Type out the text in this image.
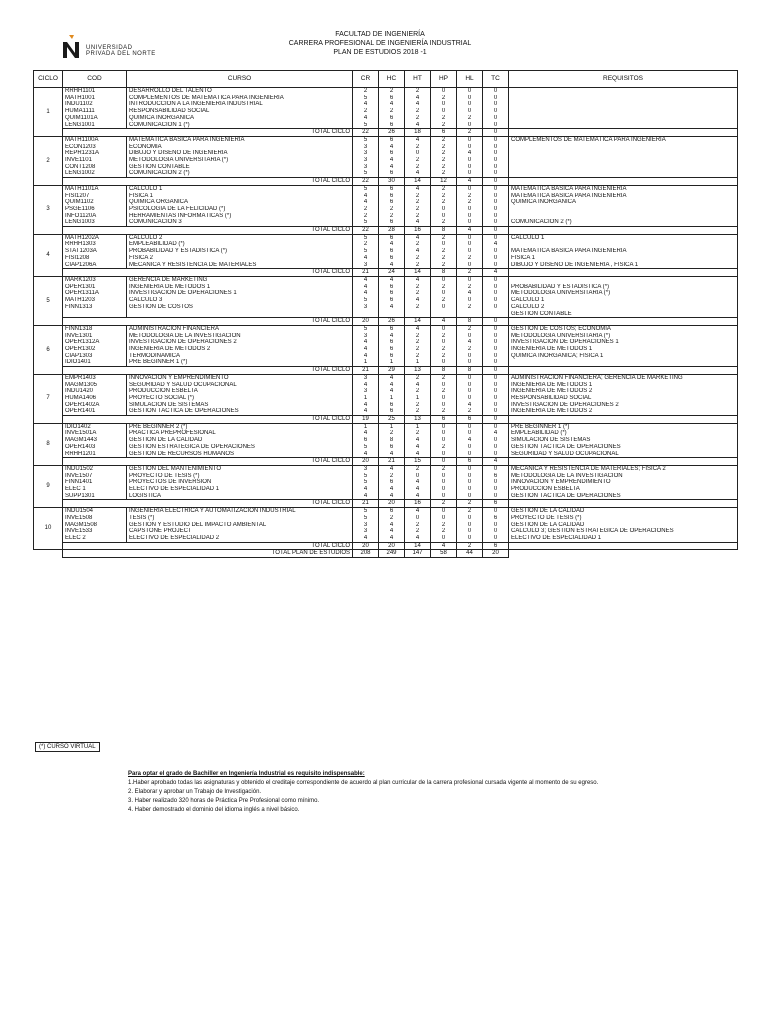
UNIVERSIDAD
PRIVADA DEL NORTE
FACULTAD DE INGENIERÍA
CARRERA PROFESIONAL DE INGENIERÍA INDUSTRIAL
PLAN DE ESTUDIOS 2018 -1
CICLO	COD	CURSO	CR	HC	HT	HP	HL	TC	REQUISITOS
1	RRHH1101	DESARROLLO DEL TALENTO	2	2	2	0	0	0	
	MATH1001	COMPLEMENTOS DE MATEMÁTICA PARA INGENIERÍA	5	6	4	2	0	0	
	INDU1102	INTRODUCCIÓN A LA INGENIERÍA INDUSTRIAL	4	4	4	0	0	0	
	HUMA1111	RESPONSABILIDAD SOCIAL	2	2	2	0	0	0	
	QUIM1101A	QUÍMICA INORGÁNICA	4	6	2	2	2	0	
	LENG1001	COMUNICACIÓN 1 (*)	5	6	4	2	0	0	
		TOTAL CICLO	22	26	18	6	2	0	
2	MATH1100A	MATEMÁTICA BÁSICA PARA INGENIERÍA	5	6	4	2	0	0	COMPLEMENTOS DE MATEMÁTICA PARA INGENIERÍA
	ECON1203	ECONOMÍA	3	4	2	2	0	0	
	REPR1231A	DIBUJO Y DISEÑO DE INGENIERÍA	3	6	0	2	4	0	
	INVE1101	METODOLOGÍA UNIVERSITARIA (*)	3	4	2	2	0	0	
	CONT1208	GESTIÓN CONTABLE	3	4	2	2	0	0	
	LENG1002	COMUNICACIÓN 2 (*)	5	6	4	2	0	0	
		TOTAL CICLO	22	30	14	12	4	0	
3	MATH1101A	CÁLCULO 1	5	6	4	2	0	0	MATEMÁTICA BÁSICA PARA INGENIERÍA
	FISI1207	FÍSICA 1	4	6	2	2	2	0	MATEMÁTICA BÁSICA PARA INGENIERÍA
	QUIM1102	QUÍMICA ORGÁNICA	4	6	2	2	2	0	QUÍMICA INORGÁNICA
	PSGE1106	PSICOLOGÍA DE LA FELICIDAD (*)	2	2	2	0	0	0	
	INFO1120A	HERRAMIENTAS INFORMÁTICAS (*)	2	2	2	0	0	0	
	LENG1003	COMUNICACIÓN 3	5	6	4	2	0	0	COMUNICACIÓN 2 (*)
		TOTAL CICLO	22	28	16	8	4	0	
4	MATH1202A	CÁLCULO 2	5	6	4	2	0	0	CÁLCULO 1
	RRHH1303	EMPLEABILIDAD (*)	2	4	2	0	0	4	
	STAT1203A	PROBABILIDAD Y ESTADÍSTICA (*)	5	6	4	2	0	0	MATEMÁTICA BÁSICA PARA INGENIERÍA
	FISI1208	FÍSICA 2	4	6	2	2	2	0	FÍSICA 1
	CIAP1206A	MECÁNICA Y RESISTENCIA DE MATERIALES	3	4	2	2	0	0	DIBUJO Y DISEÑO DE INGENIERÍA , FÍSICA 1
		TOTAL CICLO	21	24	14	8	2	4	
5	MARK1203	GERENCIA DE MARKETING	4	4	4	0	0	0	
	OPER1301	INGENIERÍA DE MÉTODOS 1	4	6	2	2	2	0	PROBABILIDAD Y ESTADÍSTICA (*)
	OPER1311A	INVESTIGACIÓN DE OPERACIONES 1	4	6	2	0	4	0	METODOLOGÍA UNIVERSITARIA (*)
	MATH1203	CÁLCULO 3	5	6	4	2	0	0	CÁLCULO 1
	FINN1313	GESTIÓN DE COSTOS	3	4	2	0	2	0	CÁLCULO 2
									GESTIÓN CONTABLE
		TOTAL CICLO	20	26	14	4	8	0	
6	FINN1318	ADMINISTRACIÓN FINANCIERA	5	6	4	0	2	0	GESTIÓN DE COSTOS; ECONOMÍA
	INVE1301	METODOLOGÍA DE LA INVESTIGACIÓN	3	4	2	2	0	0	METODOLOGÍA UNIVERSITARIA (*)
	OPER1312A	INVESTIGACIÓN DE OPERACIONES 2	4	6	2	0	4	0	INVESTIGACIÓN DE OPERACIONES 1
	OPER1302	INGENIERÍA DE MÉTODOS 2	4	6	2	2	2	0	INGENIERÍA DE MÉTODOS 1
	CIAP1303	TERMODINÁMICA	4	6	2	2	0	0	QUÍMICA INORGÁNICA; FÍSICA 1
	IDIO1401	PRE BEGINNER 1 (*)	1	1	1	0	0	0	
		TOTAL CICLO	21	29	13	8	8	0	
7	EMPR1403	INNOVACIÓN Y EMPRENDIMIENTO	3	4	2	2	0	0	ADMINISTRACIÓN FINANCIERA; GERENCIA DE MARKETING
	MAGM1305	SEGURIDAD Y SALUD OCUPACIONAL	4	4	4	0	0	0	INGENIERÍA DE MÉTODOS 1
	INDU1420	PRODUCCIÓN ESBELTA	3	4	2	2	0	0	INGENIERÍA DE MÉTODOS 2
	HUMA1406	PROYECTO SOCIAL (*)	1	1	1	0	0	0	RESPONSABILIDAD SOCIAL
	OPER1402A	SIMULACIÓN DE SISTEMAS	4	6	2	0	4	0	INVESTIGACIÓN DE OPERACIONES 2
	OPER1401	GESTIÓN TÁCTICA DE OPERACIONES	4	6	2	2	2	0	INGENIERÍA DE MÉTODOS 2
		TOTAL CICLO	19	25	13	6	6	0	
8	IDIO1402	PRE BEGINNER 2 (*)	1	1	1	0	0	0	PRE BEGINNER 1 (*)
	INVE1501A	PRÁCTICA PREPROFESIONAL	4	2	2	0	0	4	EMPLEABILIDAD (*)
	MAGM1443	GESTIÓN DE LA CALIDAD	6	8	4	0	4	0	SIMULACIÓN DE SISTEMAS
	OPER1403	GESTIÓN ESTRATÉGICA DE OPERACIONES	5	6	4	2	0	0	GESTIÓN TÁCTICA DE OPERACIONES
	RRHH1201	GESTIÓN DE RECURSOS HUMANOS	4	4	4	0	0	0	SEGURIDAD Y SALUD OCUPACIONAL
		TOTAL CICLO	20	21	15	0	6	4	
9	INDU1502	GESTIÓN DEL MANTENIMIENTO	3	4	2	2	0	0	MECÁNICA Y RESISTENCIA DE MATERIALES; FÍSICA 2
	INVE1507	PROYECTO DE TESIS (*)	5	2	0	0	0	6	METODOLOGÍA DE LA INVESTIGACIÓN
	FINN1401	PROYECTOS DE INVERSIÓN	5	6	4	0	0	0	INNOVACIÓN Y EMPRENDIMIENTO
	ELEC 1	ELECTIVO DE ESPECIALIDAD 1	4	4	4	0	0	0	PRODUCCIÓN ESBELTA
	SUPP1301	LOGÍSTICA	4	4	4	0	0	0	GESTIÓN TÁCTICA DE OPERACIONES
		TOTAL CICLO	21	20	16	2	2	6	
10	INDU1504	INGENIERÍA ELÉCTRICA Y AUTOMATIZACIÓN INDUSTRIAL	5	6	4	0	2	0	GESTIÓN DE LA CALIDAD
	INVE1508	TESIS (*)	5	2	0	0	0	6	PROYECTO DE TESIS (*)
	MAGM1508	GESTIÓN Y ESTUDIO DEL IMPACTO AMBIENTAL	3	4	2	2	0	0	GESTIÓN DE LA CALIDAD
	INVE1533	CAPSTONE PROJECT	3	4	2	2	0	0	CÁLCULO 3; GESTIÓN ESTRATÉGICA DE OPERACIONES
	ELEC 2	ELECTIVO DE ESPECIALIDAD 2	4	4	4	0	0	0	ELECTIVO DE ESPECIALIDAD 1
		TOTAL CICLO	20	20	14	4	2	6	
	TOTAL PLAN DE ESTUDIOS		208	249	147	58	44	20	
(*) CURSO VIRTUAL
Para optar el grado de Bachiller en Ingeniería Industrial es requisito indispensable:
1.Haber aprobado todas las asignaturas y obtenido el creditaje correspondiente de acuerdo al plan curricular de la carrera profesional cursada vigente al momento de su egreso.
2. Elaborar y aprobar un Trabajo de Investigación.
3. Haber realizado 320 horas de Práctica Pre Profesional como mínimo.
4. Haber demostrado el dominio del idioma inglés a nivel básico.
